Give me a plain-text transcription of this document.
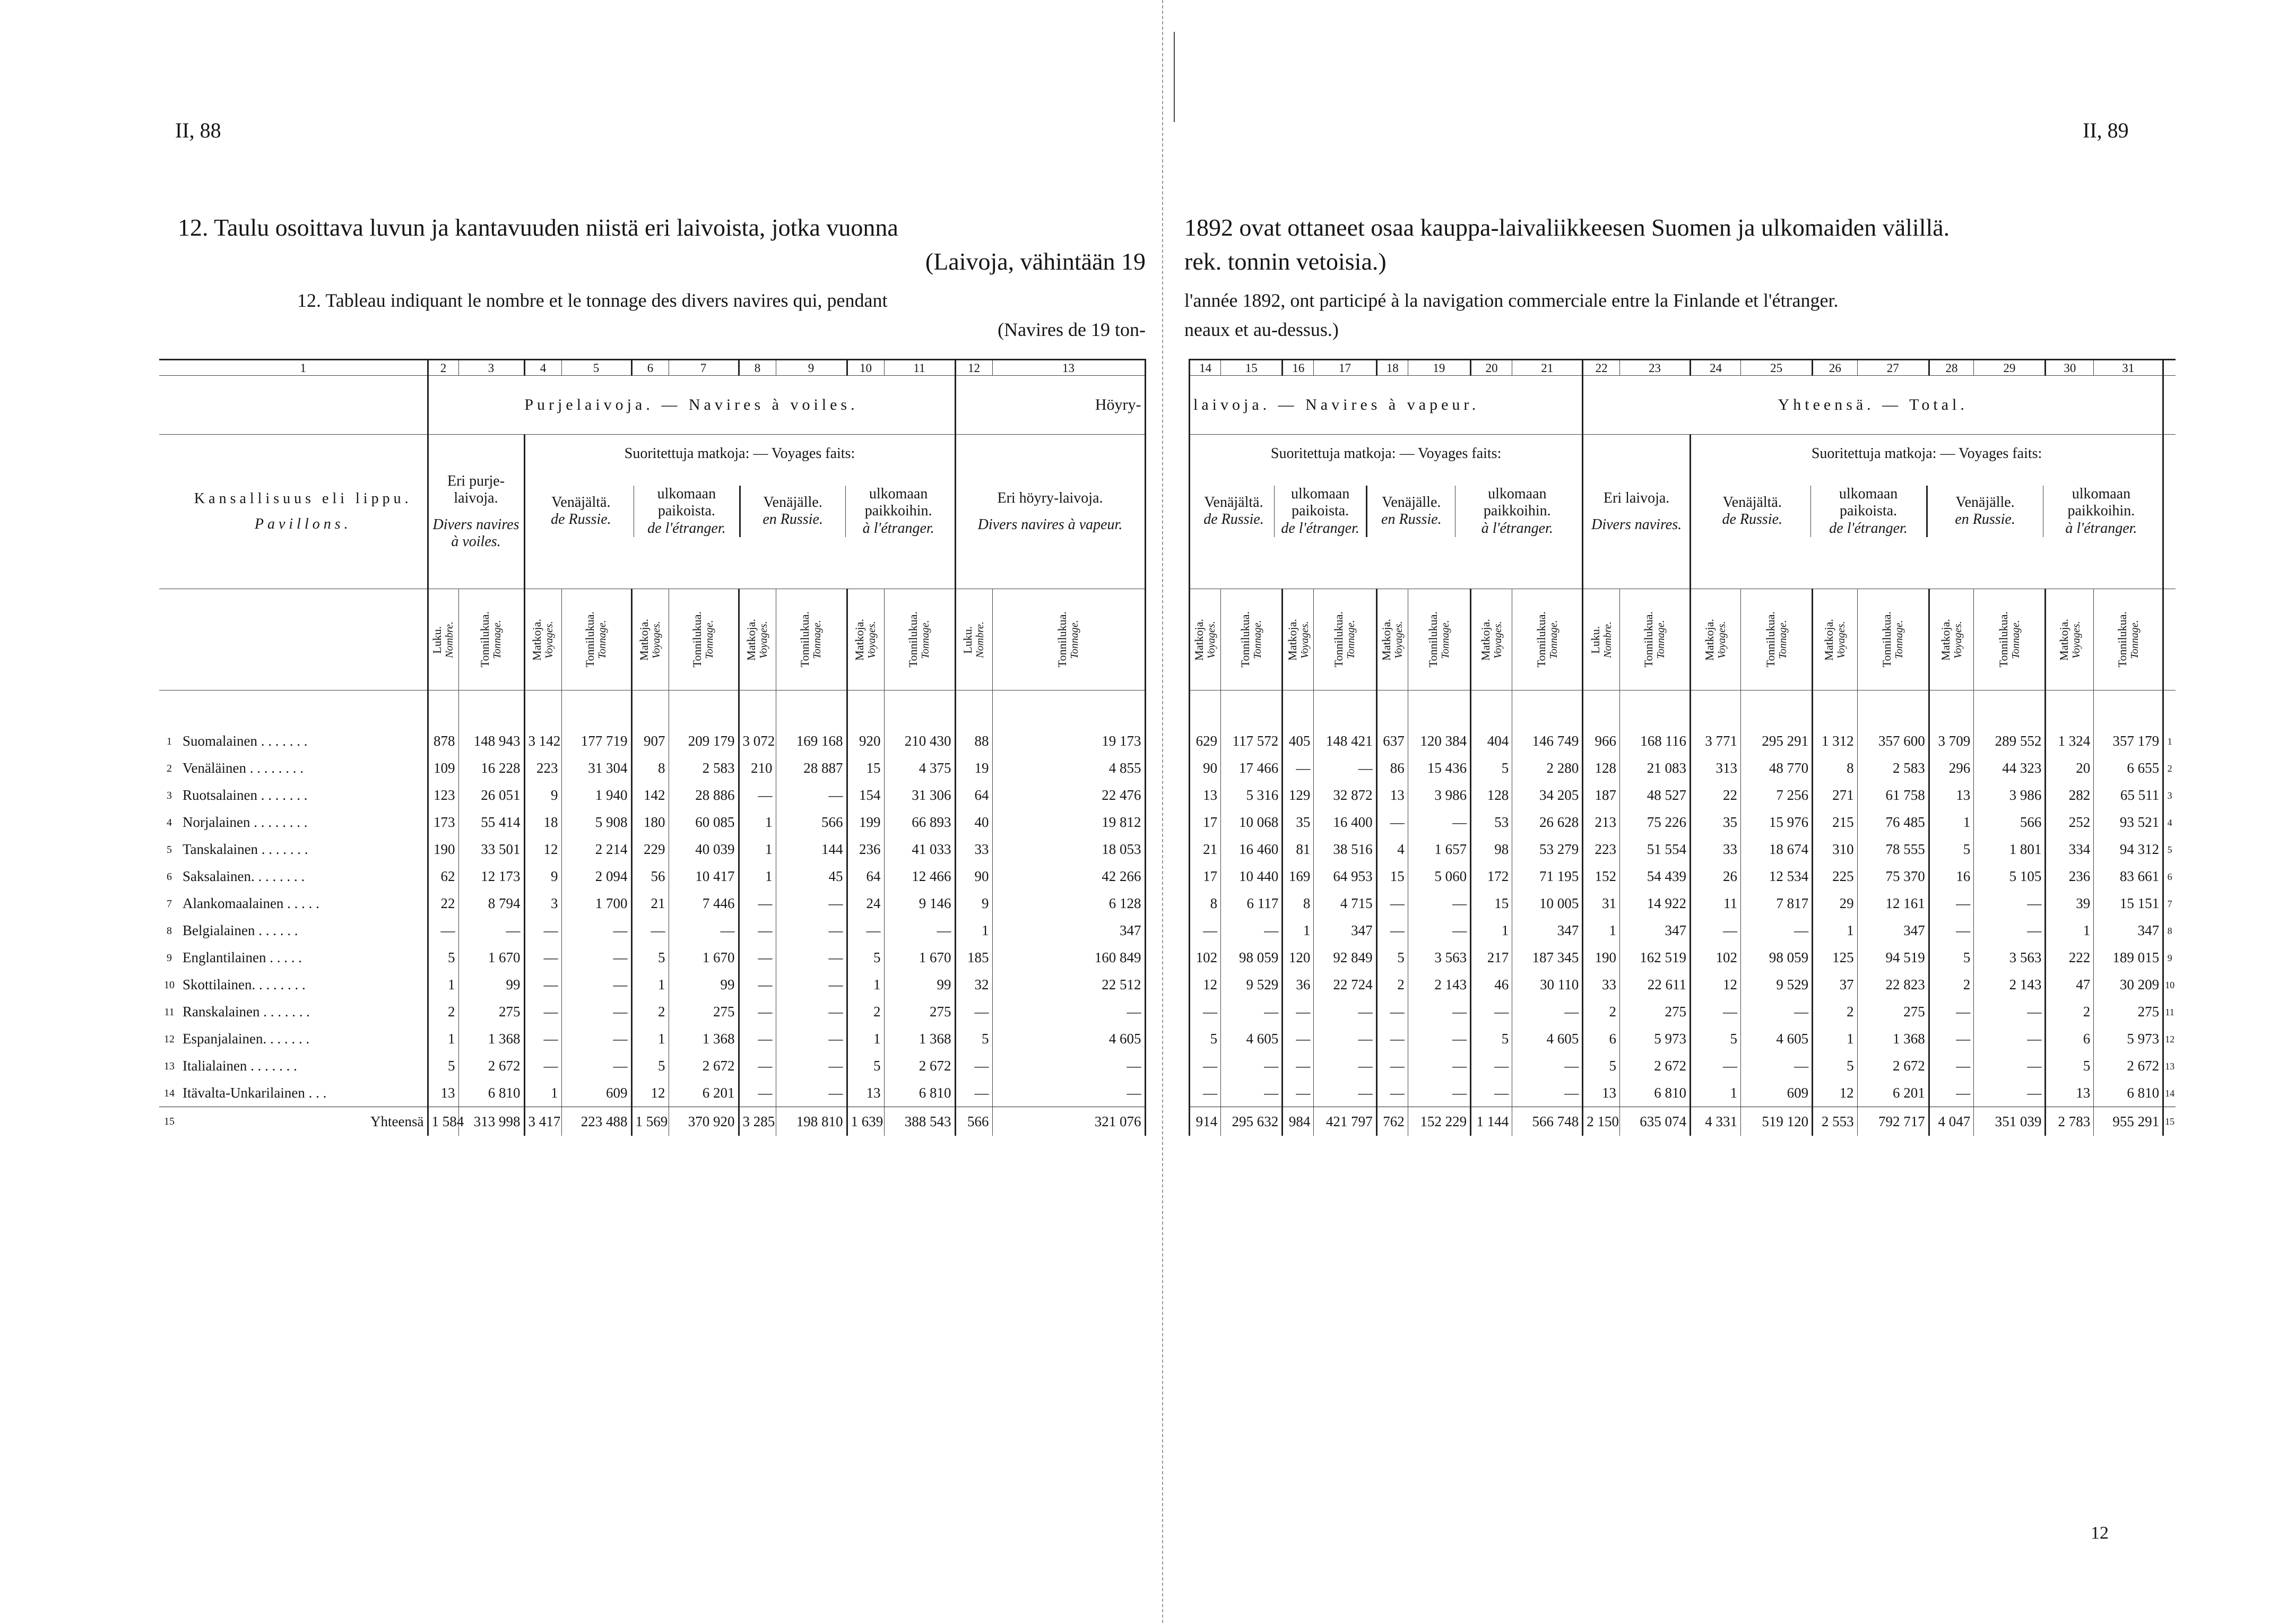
II, 88	II, 89
12. Taulu osoittava luvun ja kantavuuden niistä eri laivoista, jotka vuonna
(Laivoja, vähintään 19
12. Tableau indiquant le nombre et le tonnage des divers navires qui, pendant
(Navires de 19 ton-
1892 ovat ottaneet osaa kauppa-laivaliikkeesen Suomen ja ulkomaiden välillä.
rek. tonnin vetoisia.)
l'année 1892, ont participé à la navigation commerciale entre la Finlande et l'étranger.
neaux et au-dessus.)
12
	1	2	3	4	5	6	7	8	9	10	11	12	13
		Purjelaivoja. — Navires à voiles.	Höyry-
	Kansallisuus eli lippu.
Pavillons.	
Eri purje-laivoja.
Divers navires à voiles.

Suoritettuja matkoja: — Voyages faits:
Venäjältä.
de Russie.

ulkomaan paikoista.
de l'étranger.

Venäjälle.
en Russie.

ulkomaan paikkoihin.
à l'étranger.

Eri höyry-laivoja.
Divers navires à vapeur.

Luku. Nombre.	Tonnilukua. Tonnage.	Matkoja. Voyages.	Tonnilukua. Tonnage.	Matkoja. Voyages.	Tonnilukua. Tonnage.	Matkoja. Voyages.	Tonnilukua. Tonnage.	Matkoja. Voyages.	Tonnilukua. Tonnage.	Luku. Nombre.	Tonnilukua. Tonnage.

1	Suomalainen . . . . . . .	878	148 943	3 142	177 719	907	209 179	3 072	169 168	920	210 430	88	19 173
2	Venäläinen . . . . . . . .	109	16 228	223	31 304	8	2 583	210	28 887	15	4 375	19	4 855
3	Ruotsalainen . . . . . . .	123	26 051	9	1 940	142	28 886	—	—	154	31 306	64	22 476
4	Norjalainen . . . . . . . .	173	55 414	18	5 908	180	60 085	1	566	199	66 893	40	19 812
5	Tanskalainen . . . . . . .	190	33 501	12	2 214	229	40 039	1	144	236	41 033	33	18 053
6	Saksalainen. . . . . . . .	62	12 173	9	2 094	56	10 417	1	45	64	12 466	90	42 266
7	Alankomaalainen . . . . .	22	8 794	3	1 700	21	7 446	—	—	24	9 146	9	6 128
8	Belgialainen . . . . . .	—	—	—	—	—	—	—	—	—	—	1	347
9	Englantilainen . . . . .	5	1 670	—	—	5	1 670	—	—	5	1 670	185	160 849
10	Skottilainen. . . . . . . .	1	99	—	—	1	99	—	—	1	99	32	22 512
11	Ranskalainen . . . . . . .	2	275	—	—	2	275	—	—	2	275	—	—
12	Espanjalainen. . . . . . .	1	1 368	—	—	1	1 368	—	—	1	1 368	5	4 605
13	Italialainen . . . . . . .	5	2 672	—	—	5	2 672	—	—	5	2 672	—	—
14	Itävalta-Unkarilainen . . .	13	6 810	1	609	12	6 201	—	—	13	6 810	—	—
15	Yhteensä	1 584	313 998	3 417	223 488	1 569	370 920	3 285	198 810	1 639	388 543	566	321 076
14	15	16	17	18	19	20	21	22	23	24	25	26	27	28	29	30	31	
laivoja. — Navires à vapeur.	Yhteensä. — Total.	

Suoritettuja matkoja: — Voyages faits:
Venäjältä.
de Russie.

ulkomaan paikoista.
de l'étranger.

Venäjälle.
en Russie.

ulkomaan paikkoihin.
à l'étranger.

Eri laivoja.
Divers navires.

Suoritettuja matkoja: — Voyages faits:
Venäjältä.
de Russie.

ulkomaan paikoista.
de l'étranger.

Venäjälle.
en Russie.

ulkomaan paikkoihin.
à l'étranger.

Matkoja. Voyages.	Tonnilukua. Tonnage.	Matkoja. Voyages.	Tonnilukua. Tonnage.	Matkoja. Voyages.	Tonnilukua. Tonnage.	Matkoja. Voyages.	Tonnilukua. Tonnage.	Luku. Nombre.	Tonnilukua. Tonnage.	Matkoja. Voyages.	Tonnilukua. Tonnage.	Matkoja. Voyages.	Tonnilukua. Tonnage.	Matkoja. Voyages.	Tonnilukua. Tonnage.	Matkoja. Voyages.	Tonnilukua. Tonnage.

629	117 572	405	148 421	637	120 384	404	146 749	966	168 116	3 771	295 291	1 312	357 600	3 709	289 552	1 324	357 179	1
90	17 466	—	—	86	15 436	5	2 280	128	21 083	313	48 770	8	2 583	296	44 323	20	6 655	2
13	5 316	129	32 872	13	3 986	128	34 205	187	48 527	22	7 256	271	61 758	13	3 986	282	65 511	3
17	10 068	35	16 400	—	—	53	26 628	213	75 226	35	15 976	215	76 485	1	566	252	93 521	4
21	16 460	81	38 516	4	1 657	98	53 279	223	51 554	33	18 674	310	78 555	5	1 801	334	94 312	5
17	10 440	169	64 953	15	5 060	172	71 195	152	54 439	26	12 534	225	75 370	16	5 105	236	83 661	6
8	6 117	8	4 715	—	—	15	10 005	31	14 922	11	7 817	29	12 161	—	—	39	15 151	7
—	—	1	347	—	—	1	347	1	347	—	—	1	347	—	—	1	347	8
102	98 059	120	92 849	5	3 563	217	187 345	190	162 519	102	98 059	125	94 519	5	3 563	222	189 015	9
12	9 529	36	22 724	2	2 143	46	30 110	33	22 611	12	9 529	37	22 823	2	2 143	47	30 209	10
—	—	—	—	—	—	—	—	2	275	—	—	2	275	—	—	2	275	11
5	4 605	—	—	—	—	5	4 605	6	5 973	5	4 605	1	1 368	—	—	6	5 973	12
—	—	—	—	—	—	—	—	5	2 672	—	—	5	2 672	—	—	5	2 672	13
—	—	—	—	—	—	—	—	13	6 810	1	609	12	6 201	—	—	13	6 810	14
914	295 632	984	421 797	762	152 229	1 144	566 748	2 150	635 074	4 331	519 120	2 553	792 717	4 047	351 039	2 783	955 291	15
